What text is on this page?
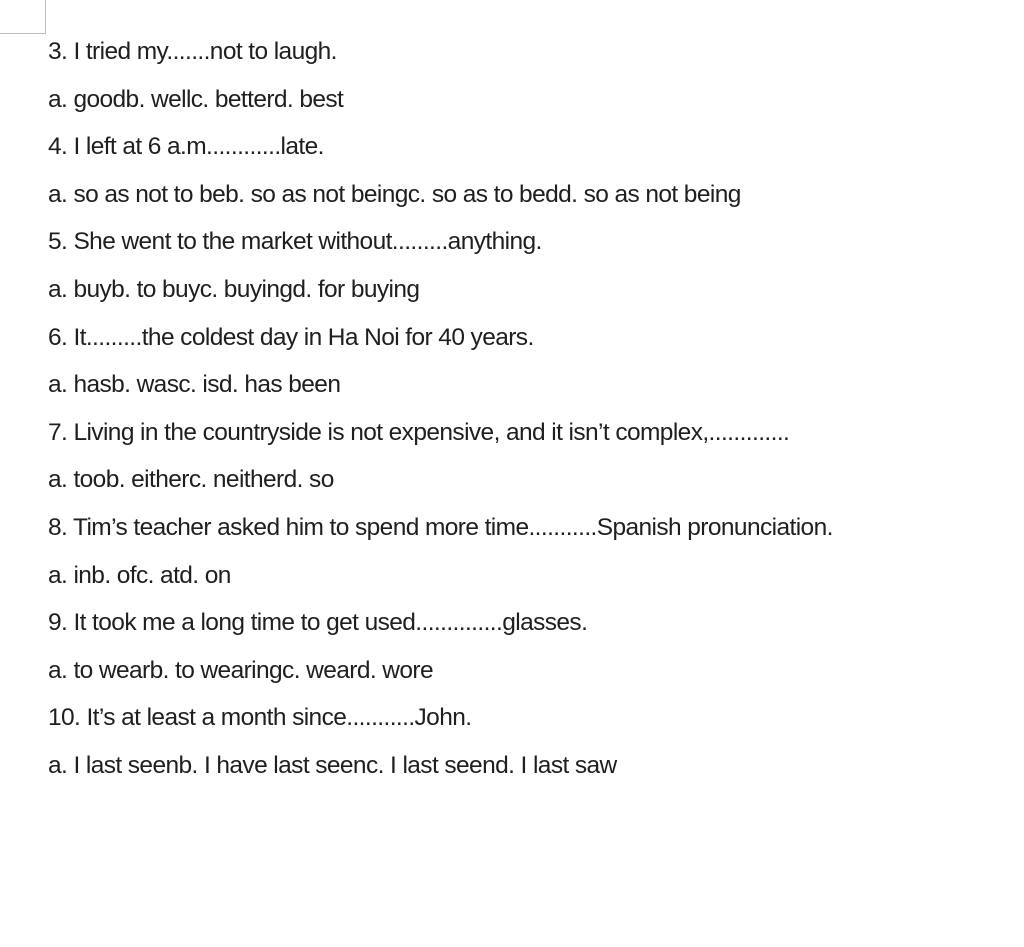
3. I tried my.......not to laugh.
a. goodb. wellc. betterd. best
4. I left at 6 a.m............late.
a. so as not to beb. so as not beingc. so as to bedd. so as not being
5. She went to the market without.........anything.
a. buyb. to buyc. buyingd. for buying
6. It.........the coldest day in Ha Noi for 40 years.
a. hasb. wasc. isd. has been
7. Living in the countryside is not expensive, and it isn’t complex,.............
a. toob. eitherc. neitherd. so
8. Tim’s teacher asked him to spend more time...........Spanish pronunciation.
a. inb. ofc. atd. on
9. It took me a long time to get used..............glasses.
a. to wearb. to wearingc. weard. wore
10. It’s at least a month since...........John.
a. I last seenb. I have last seenc. I last seend. I last saw
